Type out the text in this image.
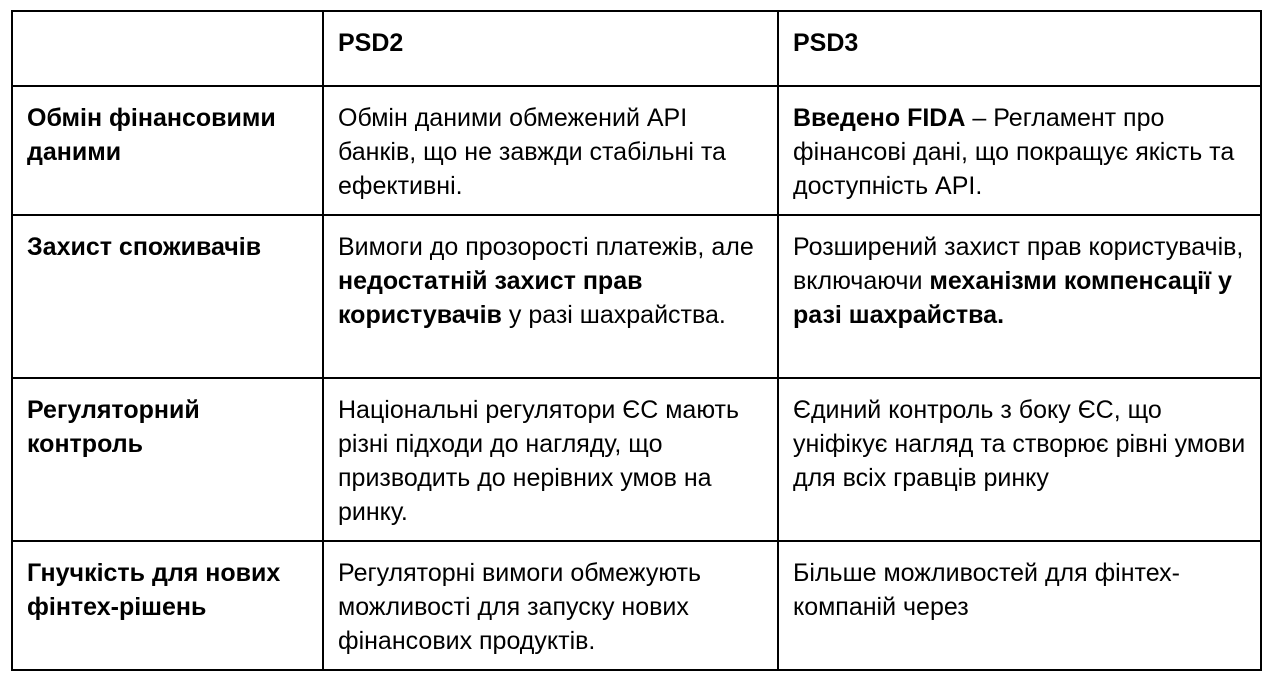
	PSD2	PSD3
Обмін фінансовими даними	Обмін даними обмежений API банків, що не завжди стабільні та ефективні.	Введено FIDA – Регламент про фінансові дані, що покращує якість та доступність API.
Захист споживачів	Вимоги до прозорості платежів, але недостатній захист прав користувачів у разі шахрайства.	Розширений захист прав користувачів, включаючи механізми компенсації у разі шахрайства.
Регуляторний контроль	Національні регулятори ЄС мають різні підходи до нагляду, що призводить до нерівних умов на ринку.	Єдиний контроль з боку ЄС, що уніфікує нагляд та створює рівні умови для всіх гравців ринку
Гнучкість для нових фінтех-рішень	Регуляторні вимоги обмежують можливості для запуску нових фінансових продуктів.	Більше можливостей для фінтех-компаній через
